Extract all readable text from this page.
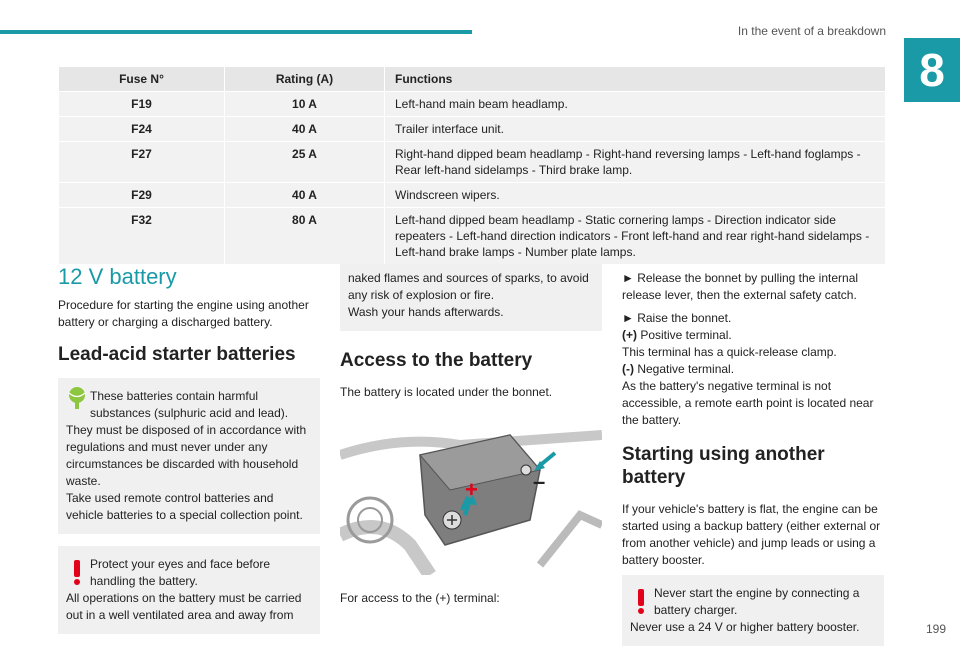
In the event of a breakdown
8
Fuse N°	Rating (A)	Functions
F19	10 A	Left-hand main beam headlamp.
F24	40 A	Trailer interface unit.
F27	25 A	Right-hand dipped beam headlamp - Right-hand reversing lamps - Left-hand foglamps - Rear left-hand sidelamps - Third brake lamp.
F29	40 A	Windscreen wipers.
F32	80 A	Left-hand dipped beam headlamp - Static cornering lamps - Direction indicator side repeaters - Left-hand direction indicators - Front left-hand and rear right-hand sidelamps - Left-hand brake lamps - Number plate lamps.
12 V battery

Procedure for starting the engine using another battery or charging a discharged battery.

Lead-acid starter batteries

These batteries contain harmful substances (sulphuric acid and lead).

They must be disposed of in accordance with regulations and must never under any circumstances be discarded with household waste.

Take used remote control batteries and vehicle batteries to a special collection point.

Protect your eyes and face before handling the battery.

All operations on the battery must be carried out in a well ventilated area and away from

naked flames and sources of sparks, to avoid any risk of explosion or fire.

Wash your hands afterwards.

Access to the battery

The battery is located under the bonnet.

+	–

For access to the (+) terminal:

► Release the bonnet by pulling the internal release lever, then the external safety catch.

► Raise the bonnet.

(+) Positive terminal.

This terminal has a quick-release clamp.

(-) Negative terminal.

As the battery's negative terminal is not accessible, a remote earth point is located near the battery.

Starting using another battery

If your vehicle's battery is flat, the engine can be started using a backup battery (either external or from another vehicle) and jump leads or using a battery booster.

Never start the engine by connecting a battery charger.

Never use a 24 V or higher battery booster.	199
